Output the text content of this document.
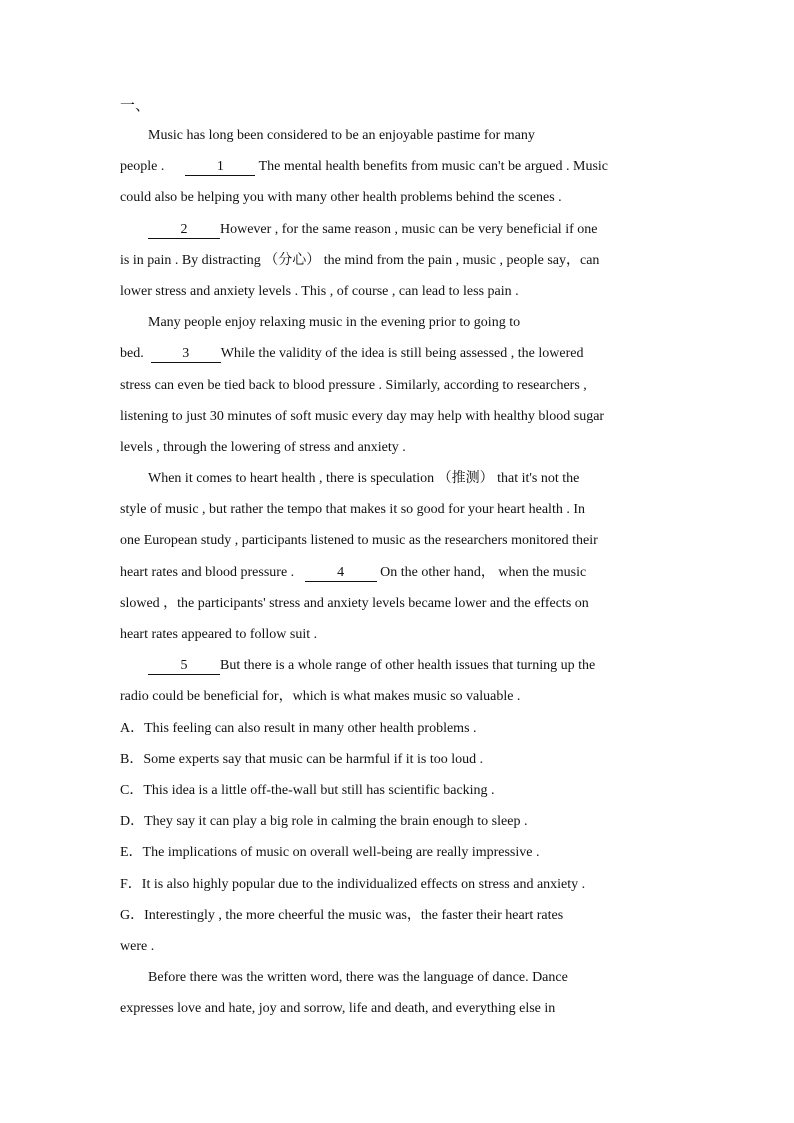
一、
Music has long been considered to be an enjoyable pastime for many
people .	1 The mental health benefits from music can't be argued . Music
could also be helping you with many other health problems behind the scenes .
2 However , for the same reason , music can be very beneficial if one
is in pain . By distracting （分心） the mind from the pain , music , people say，can
lower stress and anxiety levels . This , of course , can lead to less pain .
Many people enjoy relaxing music in the evening prior to going to
bed.	3 While the validity of the idea is still being assessed , the lowered
stress can even be tied back to blood pressure . Similarly, according to researchers ,
listening to just 30 minutes of soft music every day may help with healthy blood sugar
levels , through the lowering of stress and anxiety .
When it comes to heart health , there is speculation （推测） that it's not the
style of music , but rather the tempo that makes it so good for your heart health . In
one European study , participants listened to music as the researchers monitored their
heart rates and blood pressure .	4 On the other hand， when the music
slowed ，the participants' stress and anxiety levels became lower and the effects on
heart rates appeared to follow suit .
5 But there is a whole range of other health issues that turning up the
radio could be beneficial for，which is what makes music so valuable .
A．This feeling can also result in many other health problems .
B．Some experts say that music can be harmful if it is too loud .
C．This idea is a little off-the-wall but still has scientific backing .
D．They say it can play a big role in calming the brain enough to sleep .
E．The implications of music on overall well-being are really impressive .
F．It is also highly popular due to the individualized effects on stress and anxiety .
G．Interestingly , the more cheerful the music was，the faster their heart rates
were .
Before there was the written word, there was the language of dance. Dance
expresses love and hate, joy and sorrow, life and death, and everything else in
